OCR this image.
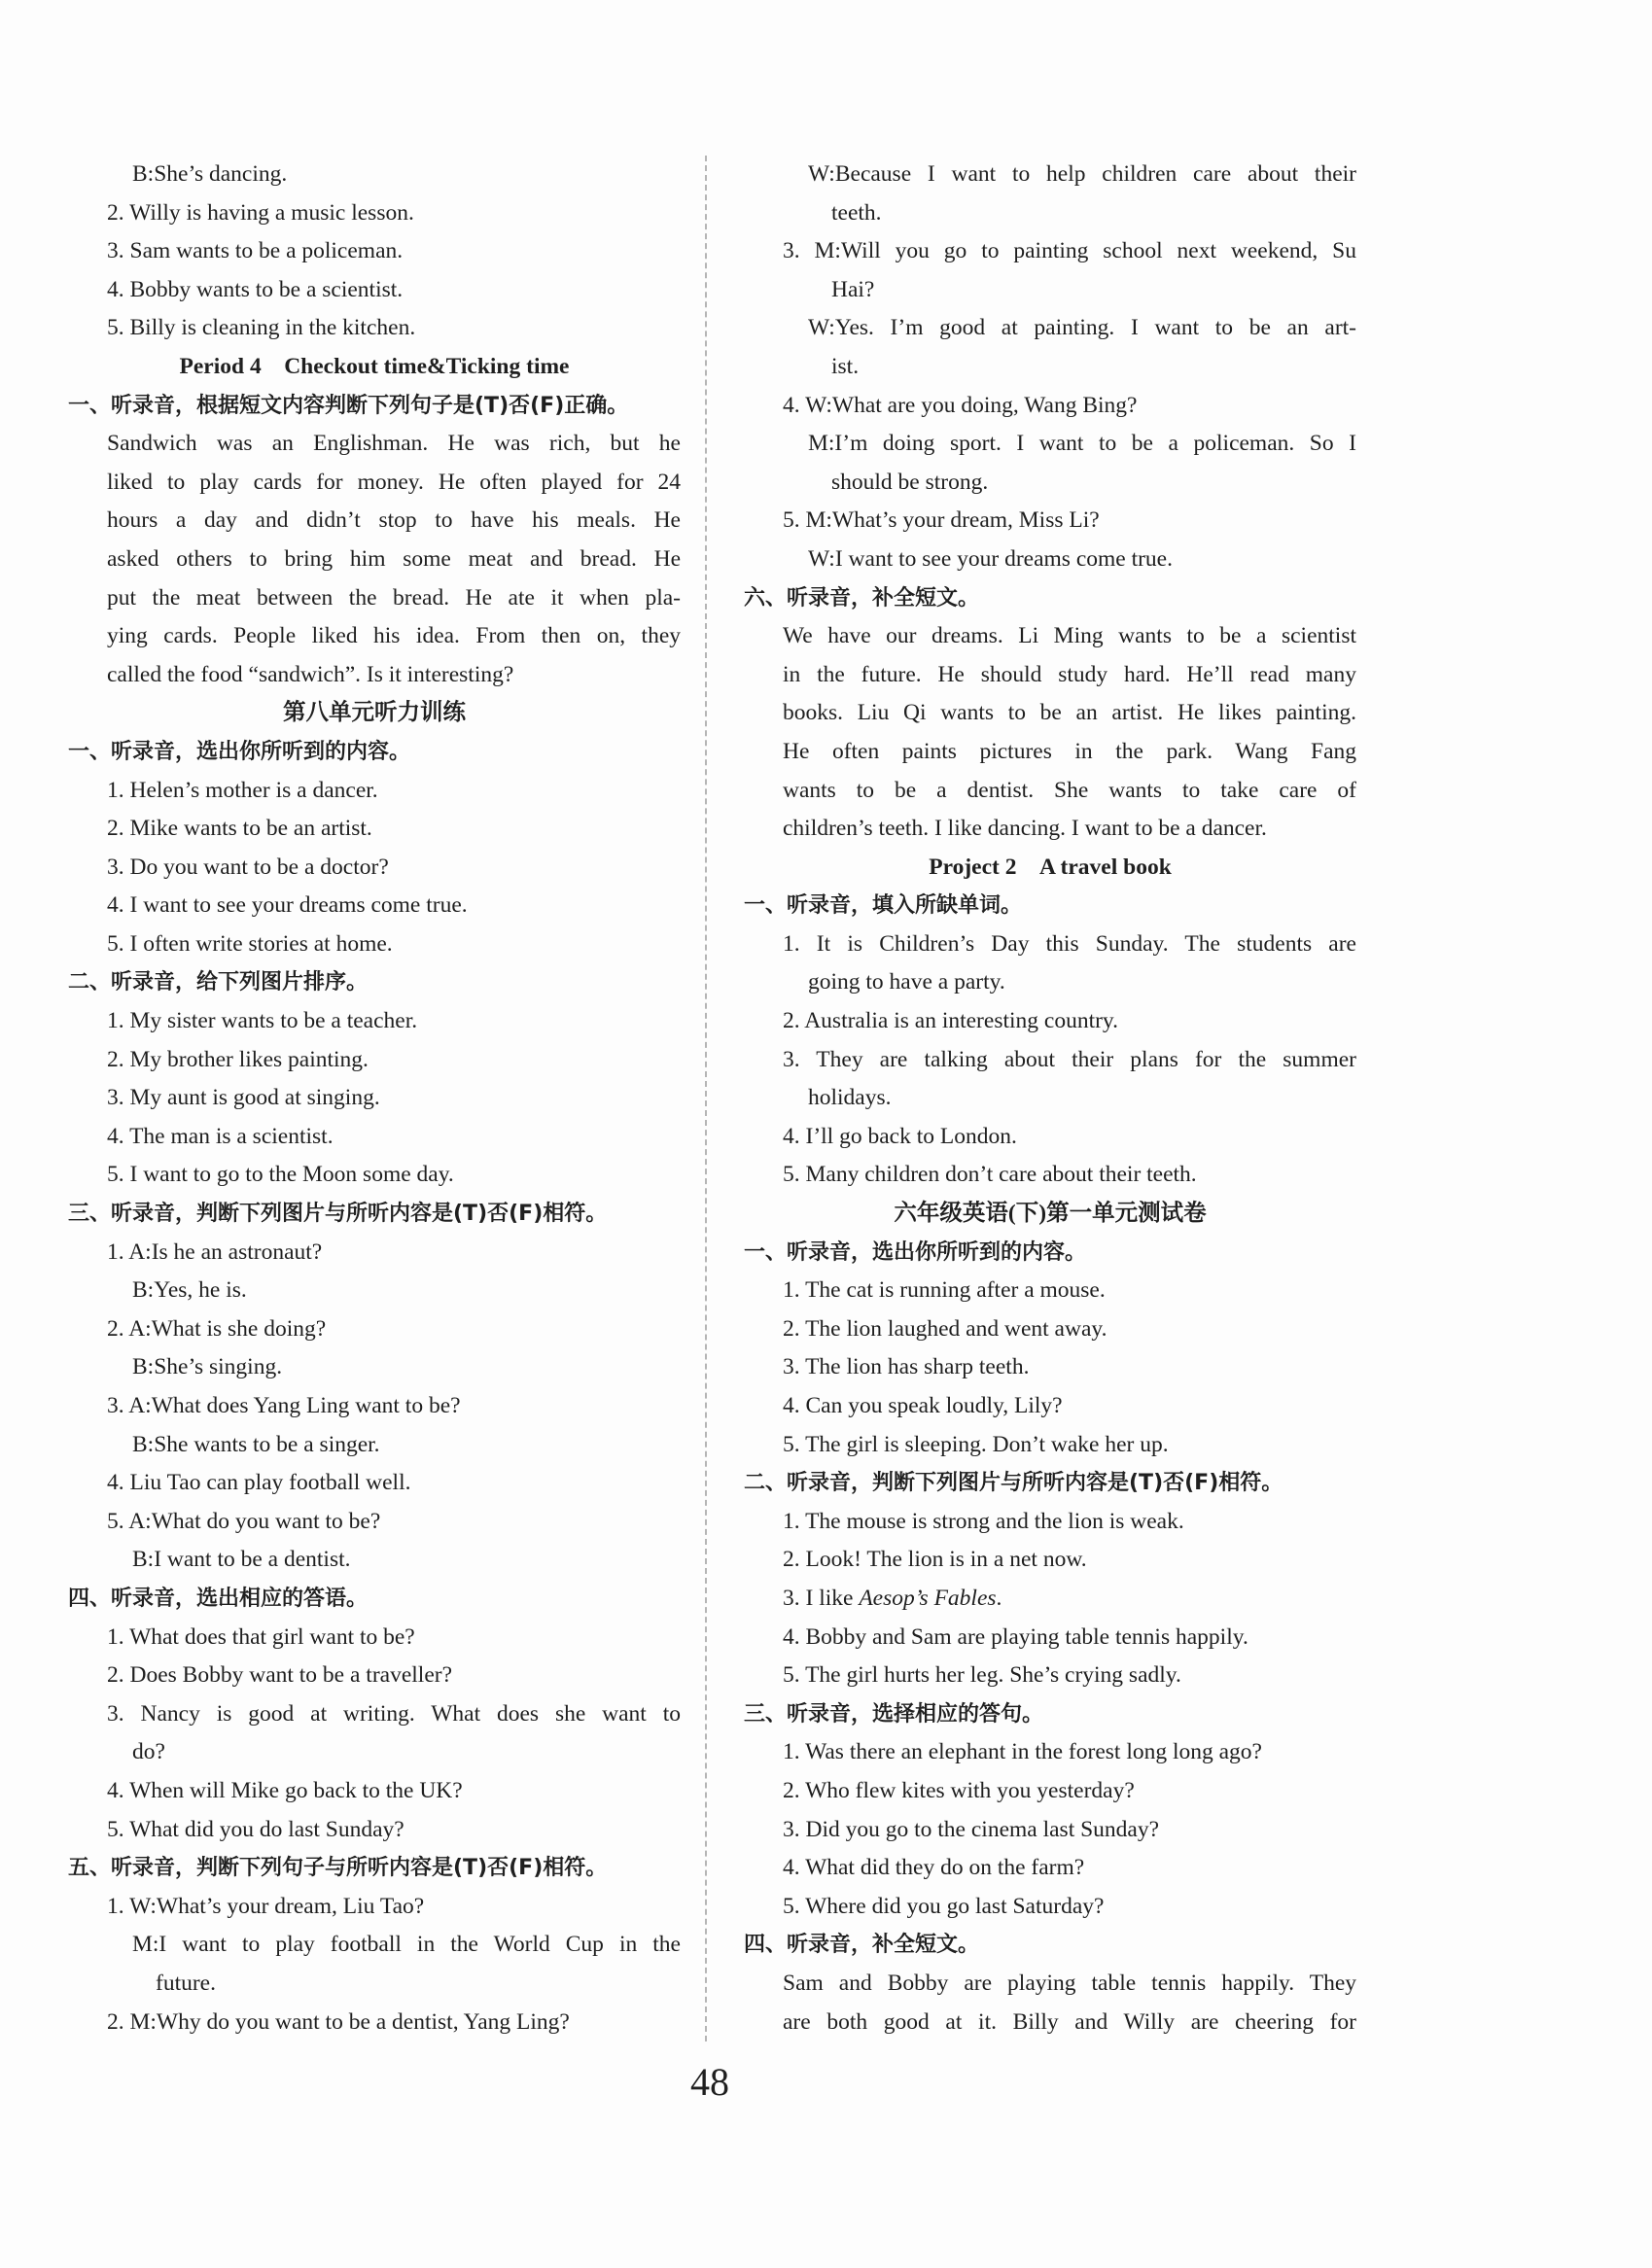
B:She’s dancing.
2. Willy is having a music lesson.
3. Sam wants to be a policeman.
4. Bobby wants to be a scientist.
5. Billy is cleaning in the kitchen.
Period 4　Checkout time&Ticking time
一、听录音，根据短文内容判断下列句子是(T)否(F)正确。
Sandwich was an Englishman. He was rich, but he
liked to play cards for money. He often played for 24
hours a day and didn’t stop to have his meals. He
asked others to bring him some meat and bread. He
put the meat between the bread. He ate it when pla-
ying cards. People liked his idea. From then on, they
called the food “sandwich”. Is it interesting?
第八单元听力训练
一、听录音，选出你所听到的内容。
1. Helen’s mother is a dancer.
2. Mike wants to be an artist.
3. Do you want to be a doctor?
4. I want to see your dreams come true.
5. I often write stories at home.
二、听录音，给下列图片排序。
1. My sister wants to be a teacher.
2. My brother likes painting.
3. My aunt is good at singing.
4. The man is a scientist.
5. I want to go to the Moon some day.
三、听录音，判断下列图片与所听内容是(T)否(F)相符。
1. A:Is he an astronaut?
B:Yes, he is.
2. A:What is she doing?
B:She’s singing.
3. A:What does Yang Ling want to be?
B:She wants to be a singer.
4. Liu Tao can play football well.
5. A:What do you want to be?
B:I want to be a dentist.
四、听录音，选出相应的答语。
1. What does that girl want to be?
2. Does Bobby want to be a traveller?
3. Nancy is good at writing. What does she want to
do?
4. When will Mike go back to the UK?
5. What did you do last Sunday?
五、听录音，判断下列句子与所听内容是(T)否(F)相符。
1. W:What’s your dream, Liu Tao?
M:I want to play football in the World Cup in the
future.
2. M:Why do you want to be a dentist, Yang Ling?
W:Because I want to help children care about their
teeth.
3. M:Will you go to painting school next weekend, Su
Hai?
W:Yes. I’m good at painting. I want to be an art-
ist.
4. W:What are you doing, Wang Bing?
M:I’m doing sport. I want to be a policeman. So I
should be strong.
5. M:What’s your dream, Miss Li?
W:I want to see your dreams come true.
六、听录音，补全短文。
We have our dreams. Li Ming wants to be a scientist
in the future. He should study hard. He’ll read many
books. Liu Qi wants to be an artist. He likes painting.
He often paints pictures in the park. Wang Fang
wants to be a dentist. She wants to take care of
children’s teeth. I like dancing. I want to be a dancer.
Project 2　A travel book
一、听录音，填入所缺单词。
1. It is Children’s Day this Sunday. The students are
going to have a party.
2. Australia is an interesting country.
3. They are talking about their plans for the summer
holidays.
4. I’ll go back to London.
5. Many children don’t care about their teeth.
六年级英语(下)第一单元测试卷
一、听录音，选出你所听到的内容。
1. The cat is running after a mouse.
2. The lion laughed and went away.
3. The lion has sharp teeth.
4. Can you speak loudly, Lily?
5. The girl is sleeping. Don’t wake her up.
二、听录音，判断下列图片与所听内容是(T)否(F)相符。
1. The mouse is strong and the lion is weak.
2. Look! The lion is in a net now.
3. I like Aesop’s Fables.
4. Bobby and Sam are playing table tennis happily.
5. The girl hurts her leg. She’s crying sadly.
三、听录音，选择相应的答句。
1. Was there an elephant in the forest long long ago?
2. Who flew kites with you yesterday?
3. Did you go to the cinema last Sunday?
4. What did they do on the farm?
5. Where did you go last Saturday?
四、听录音，补全短文。
Sam and Bobby are playing table tennis happily. They
are both good at it. Billy and Willy are cheering for
48
